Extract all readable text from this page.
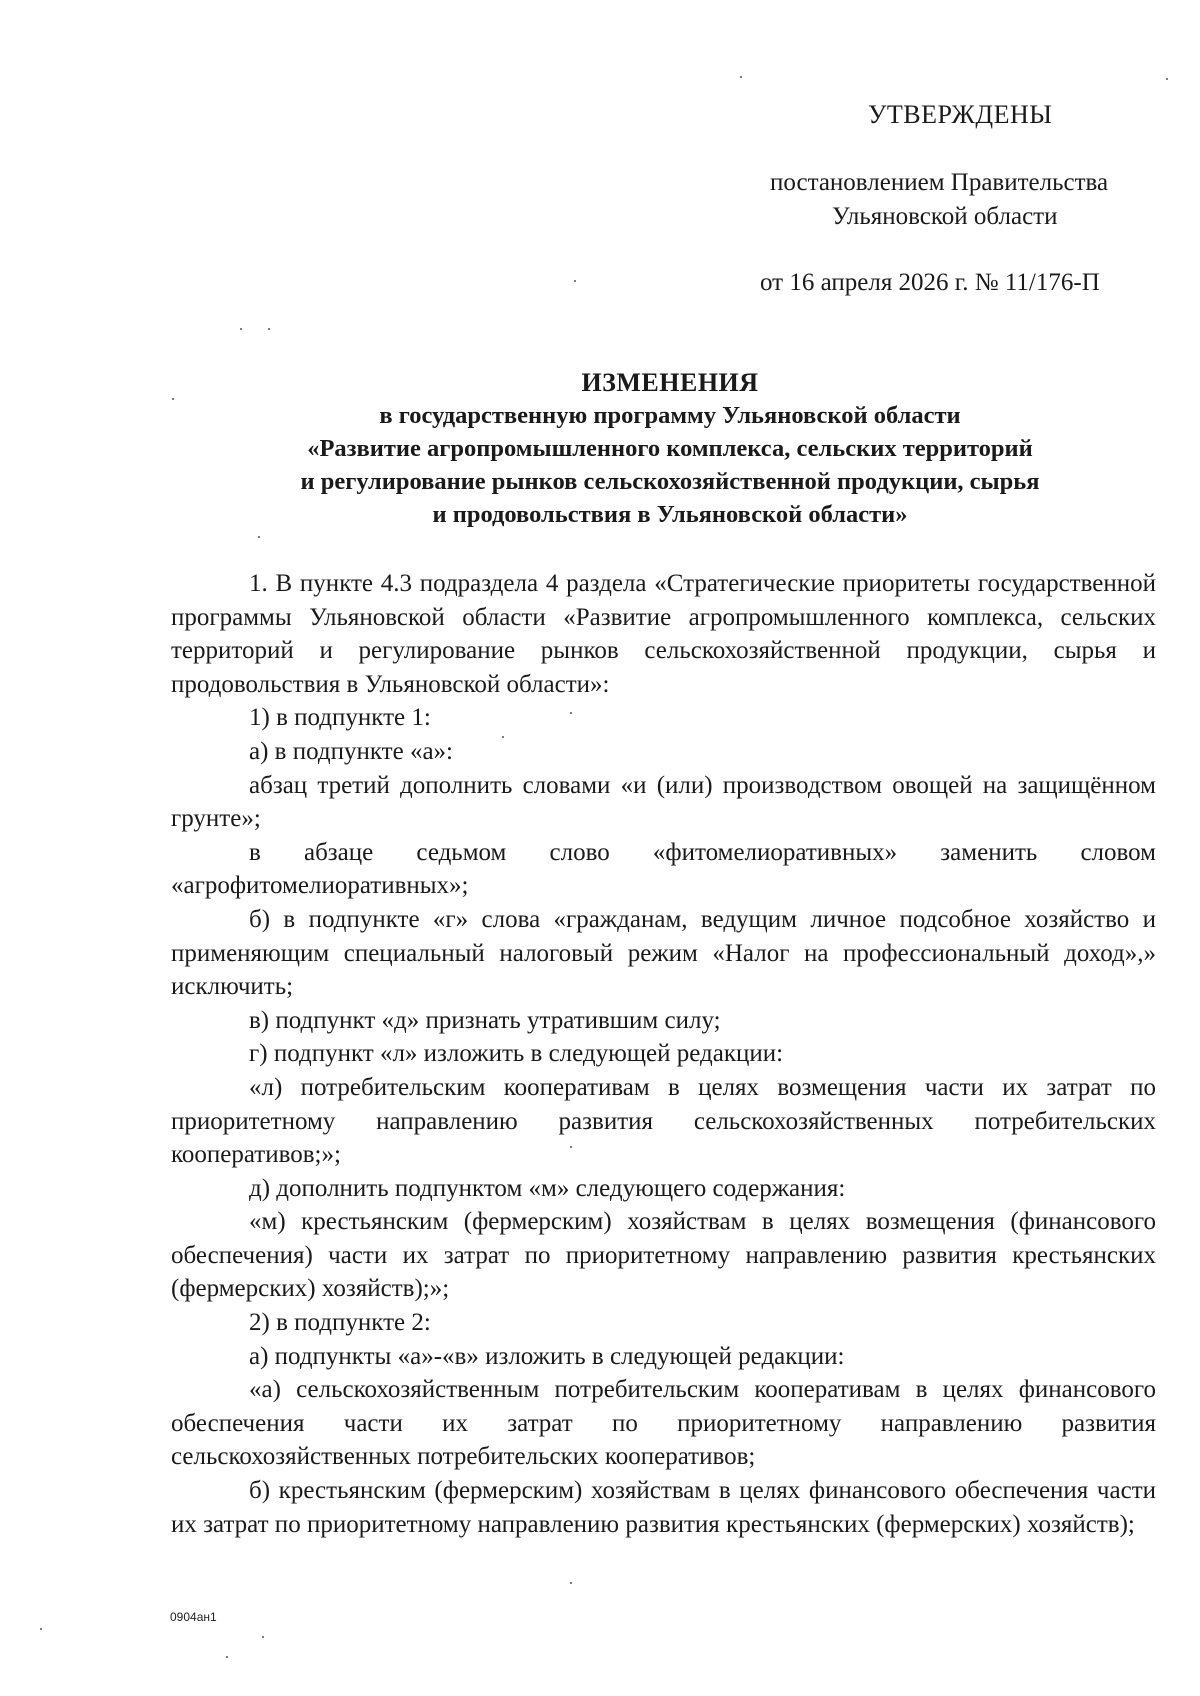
УТВЕРЖДЕНЫ
постановлением Правительства
Ульяновской области
от 16 апреля 2026 г. № 11/176-П
ИЗМЕНЕНИЯ
в государственную программу Ульяновской области
«Развитие агропромышленного комплекса, сельских территорий
и регулирование рынков сельскохозяйственной продукции, сырья
и продовольствия в Ульяновской области»

1. В пункте 4.3 подраздела 4 раздела «Стратегические приоритеты государственной программы Ульяновской области «Развитие агропромышленного комплекса, сельских территорий и регулирование рынков сельскохозяйственной продукции, сырья и продовольствия в Ульяновской области»:

1) в подпункте 1:

а) в подпункте «а»:

абзац третий дополнить словами «и (или) производством овощей на защищённом грунте»;

в абзаце седьмом слово «фитомелиоративных» заменить словом «агрофитомелиоративных»;

б) в подпункте «г» слова «гражданам, ведущим личное подсобное хозяйство и применяющим специальный налоговый режим «Налог на профессиональный доход»,» исключить;

в) подпункт «д» признать утратившим силу;

г) подпункт «л» изложить в следующей редакции:

«л) потребительским кооперативам в целях возмещения части их затрат по приоритетному направлению развития сельскохозяйственных потребительских кооперативов;»;

д) дополнить подпунктом «м» следующего содержания:

«м) крестьянским (фермерским) хозяйствам в целях возмещения (финансового обеспечения) части их затрат по приоритетному направлению развития крестьянских (фермерских) хозяйств);»;

2) в подпункте 2:

а) подпункты «а»-«в» изложить в следующей редакции:

«а) сельскохозяйственным потребительским кооперативам в целях финансового обеспечения части их затрат по приоритетному направлению развития сельскохозяйственных потребительских кооперативов;

б) крестьянским (фермерским) хозяйствам в целях финансового обеспечения части их затрат по приоритетному направлению развития крестьянских (фермерских) хозяйств);

0904ан1
